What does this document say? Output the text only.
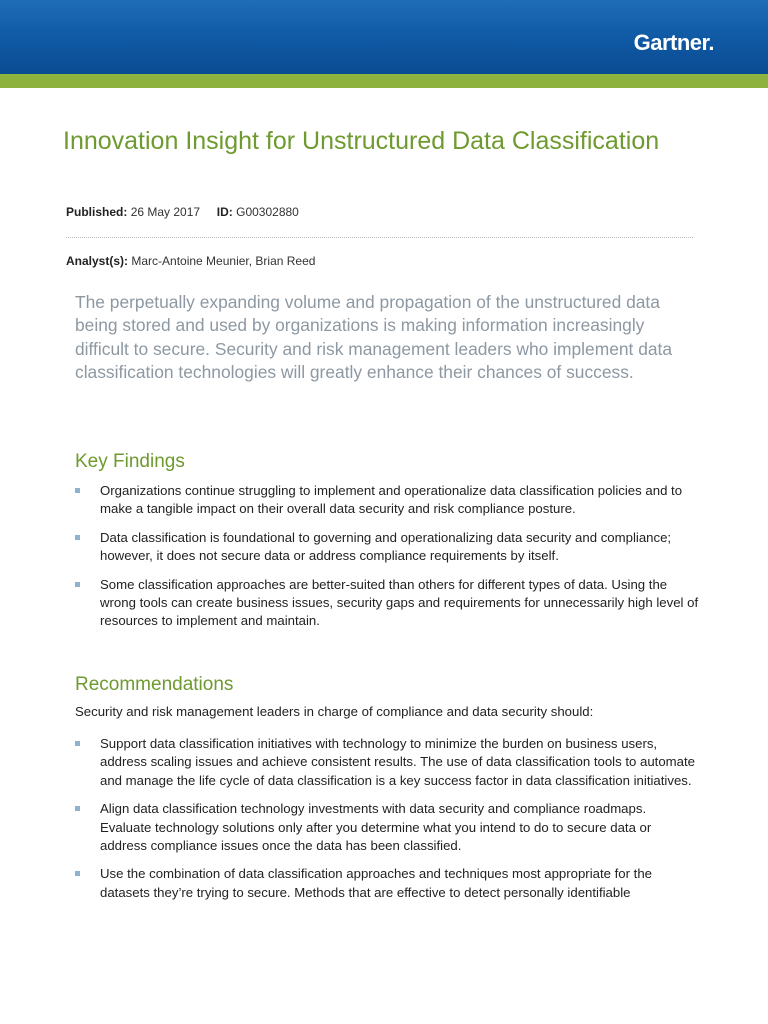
Gartner.
Innovation Insight for Unstructured Data Classification
Published: 26 May 2017 ID: G00302880
Analyst(s): Marc-Antoine Meunier, Brian Reed

The perpetually expanding volume and propagation of the unstructured data being stored and used by organizations is making information increasingly difficult to secure. Security and risk management leaders who implement data classification technologies will greatly enhance their chances of success.

Key Findings
Organizations continue struggling to implement and operationalize data classification policies and to make a tangible impact on their overall data security and risk compliance posture.
Data classification is foundational to governing and operationalizing data security and compliance; however, it does not secure data or address compliance requirements by itself.
Some classification approaches are better-suited than others for different types of data. Using the wrong tools can create business issues, security gaps and requirements for unnecessarily high level of resources to implement and maintain.
Recommendations

Security and risk management leaders in charge of compliance and data security should:

Support data classification initiatives with technology to minimize the burden on business users, address scaling issues and achieve consistent results. The use of data classification tools to automate and manage the life cycle of data classification is a key success factor in data classification initiatives.
Align data classification technology investments with data security and compliance roadmaps. Evaluate technology solutions only after you determine what you intend to do to secure data or address compliance issues once the data has been classified.
Use the combination of data classification approaches and techniques most appropriate for the datasets they’re trying to secure. Methods that are effective to detect personally identifiable
